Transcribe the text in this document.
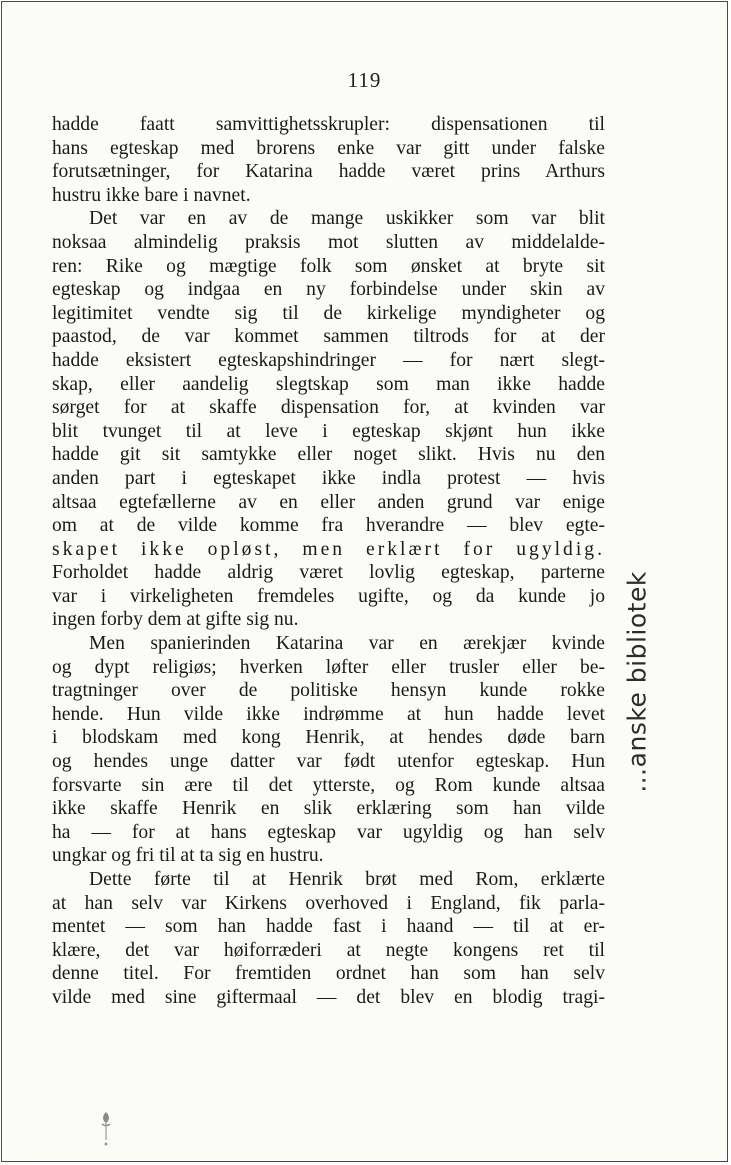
119
hadde faatt samvittighetsskrupler: dispensationen til
hans egteskap med brorens enke var gitt under falske
forutsætninger, for Katarina hadde været prins Arthurs
hustru ikke bare i navnet.
Det var en av de mange uskikker som var blit
noksaa almindelig praksis mot slutten av middelalde-
ren: Rike og mægtige folk som ønsket at bryte sit
egteskap og indgaa en ny forbindelse under skin av
legitimitet vendte sig til de kirkelige myndigheter og
paastod, de var kommet sammen tiltrods for at der
hadde eksistert egteskapshindringer — for nært slegt-
skap, eller aandelig slegtskap som man ikke hadde
sørget for at skaffe dispensation for, at kvinden var
blit tvunget til at leve i egteskap skjønt hun ikke
hadde git sit samtykke eller noget slikt. Hvis nu den
anden part i egteskapet ikke indla protest — hvis
altsaa egtefællerne av en eller anden grund var enige
om at de vilde komme fra hverandre — blev egte-
skapet ikke opløst, men erklært for ugyldig.
Forholdet hadde aldrig været lovlig egteskap, parterne
var i virkeligheten fremdeles ugifte, og da kunde jo
ingen forby dem at gifte sig nu.
Men spanierinden Katarina var en ærekjær kvinde
og dypt religiøs; hverken løfter eller trusler eller be-
tragtninger over de politiske hensyn kunde rokke
hende. Hun vilde ikke indrømme at hun hadde levet
i blodskam med kong Henrik, at hendes døde barn
og hendes unge datter var født utenfor egteskap. Hun
forsvarte sin ære til det ytterste, og Rom kunde altsaa
ikke skaffe Henrik en slik erklæring som han vilde
ha — for at hans egteskap var ugyldig og han selv
ungkar og fri til at ta sig en hustru.
Dette førte til at Henrik brøt med Rom, erklærte
at han selv var Kirkens overhoved i England, fik parla-
mentet — som han hadde fast i haand — til at er-
klære, det var høiforræderi at negte kongens ret til
denne titel. For fremtiden ordnet han som han selv
vilde med sine giftermaal — det blev en blodig tragi-
…anske bibliotek
